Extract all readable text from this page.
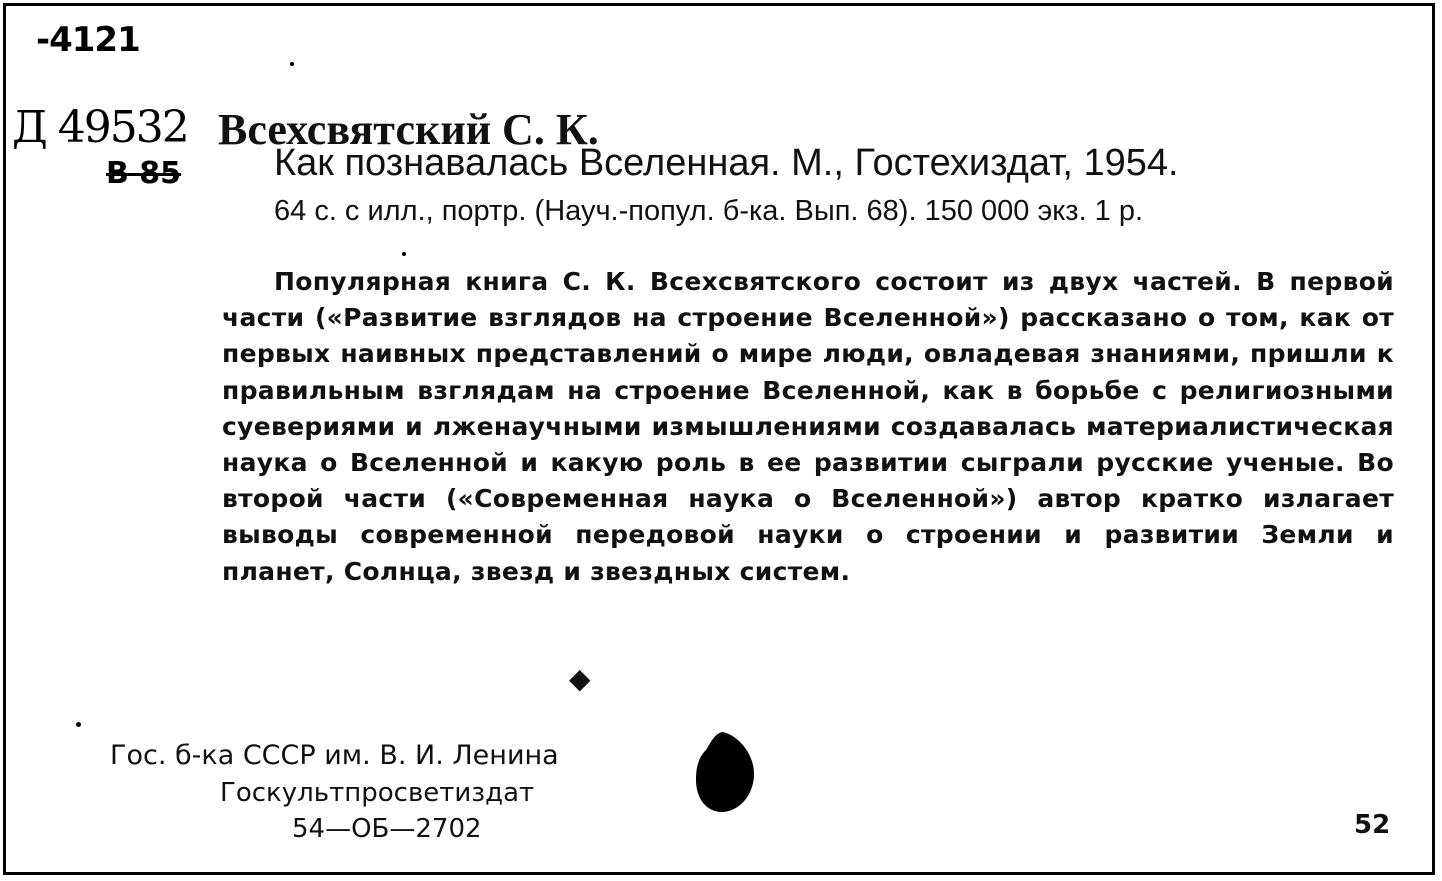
-4121
Д 49532
В 85
Всехсвятский С. К.
Как познавалась Вселенная. М., Гостехиздат, 1954.
64 с. с илл., портр. (Науч.-попул. б-ка. Вып. 68). 150 000 экз. 1 р.
Популярная книга С. К. Всехсвятского состоит из двух частей. В первой части («Развитие взглядов на строение Вселенной») рассказано о том, как от первых наивных представлений о мире люди, овладевая знаниями, пришли к правильным взглядам на строение Вселенной, как в борьбе с религиозными суевериями и лженаучными измышлениями создавалась материалистическая наука о Вселенной и какую роль в ее развитии сыграли русские ученые. Во второй части («Современная наука о Вселенной») автор кратко излагает выводы современной передовой науки о строении и развитии Земли и планет, Солнца, звезд и звездных систем.
◆
Гос. б-ка СССР им. В. И. Ленина
Госкультпросветиздат
54—ОБ—2702	52
